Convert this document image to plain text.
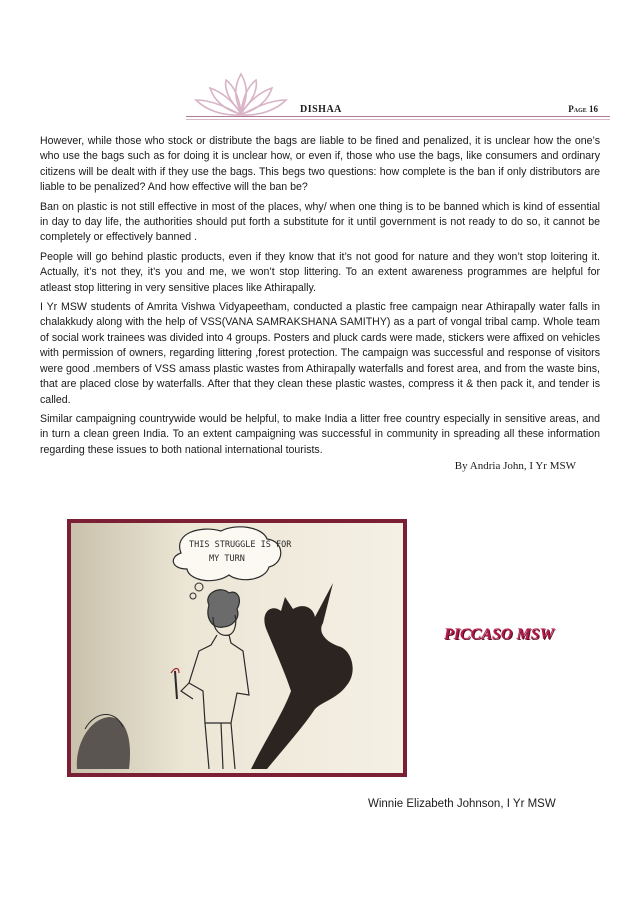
DISHAA	Page 16

However, while those who stock or distribute the bags are liable to be fined and penalized, it is unclear how the one’s who use the bags such as for doing it is unclear how, or even if, those who use the bags, like consumers and ordinary citizens will be dealt with if they use the bags. This begs two questions: how complete is the ban if only distributors are liable to be penalized? And how effective will the ban be?

Ban on plastic is not still effective in most of the places, why/ when one thing is to be banned which is kind of essential in day to day life, the authorities should put forth a substitute for it until government is not ready to do so, it cannot be completely or effectively banned .

People will go behind plastic products, even if they know that it’s not good for nature and they won’t stop loitering it. Actually, it’s not they, it’s you and me, we won’t stop littering. To an extent awareness programmes are helpful for atleast stop littering in very sensitive places like Athirapally.

I Yr MSW students of Amrita Vishwa Vidyapeetham, conducted a plastic free campaign near Athirapally water falls in chalakkudy along with the help of VSS(VANA SAMRAKSHANA SAMITHY) as a part of vongal tribal camp. Whole team of social work trainees was divided into 4 groups. Posters and pluck cards were made, stickers were affixed on vehicles with permission of owners, regarding littering ,forest protection. The campaign was successful and response of visitors were good .members of VSS amass plastic wastes from Athirapally waterfalls and forest area, and from the waste bins, that are placed close by waterfalls. After that they clean these plastic wastes, compress it & then pack it, and tender is called.

Similar campaigning countrywide would be helpful, to make India a litter free country especially in sensitive areas, and in turn a clean green India. To an extent campaigning was successful in community in spreading all these information regarding these issues to both national international tourists.

By Andria John, I Yr MSW
THIS STRUGGLE IS FOR
MY TURN
PICCASO MSW
Winnie Elizabeth Johnson, I Yr MSW
